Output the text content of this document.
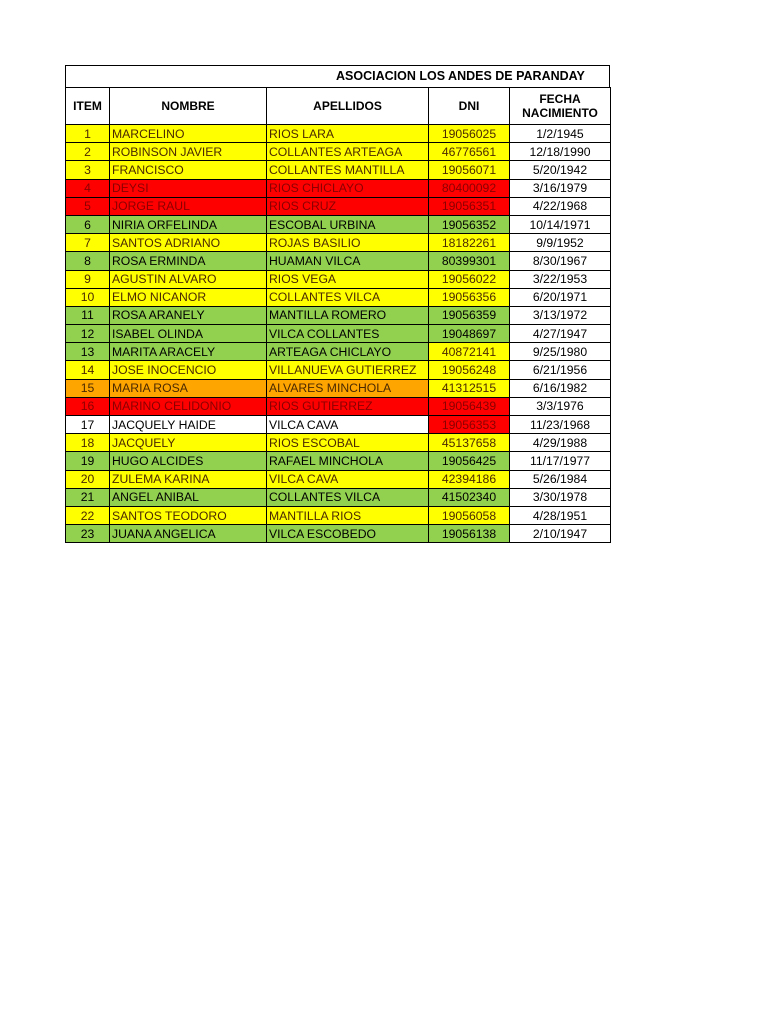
ASOCIACION LOS ANDES DE PARANDAY
ITEM	NOMBRE	APELLIDOS	DNI	FECHA
NACIMIENTO
1	MARCELINO	RIOS LARA	19056025	1/2/1945
2	ROBINSON JAVIER	COLLANTES ARTEAGA	46776561	12/18/1990
3	FRANCISCO	COLLANTES MANTILLA	19056071	5/20/1942
4	DEYSI	RIOS CHICLAYO	80400092	3/16/1979
5	JORGE RAUL	RIOS CRUZ	19056351	4/22/1968
6	NIRIA ORFELINDA	ESCOBAL URBINA	19056352	10/14/1971
7	SANTOS ADRIANO	ROJAS BASILIO	18182261	9/9/1952
8	ROSA ERMINDA	HUAMAN VILCA	80399301	8/30/1967
9	AGUSTIN ALVARO	RIOS VEGA	19056022	3/22/1953
10	ELMO NICANOR	COLLANTES VILCA	19056356	6/20/1971
11	ROSA ARANELY	MANTILLA ROMERO	19056359	3/13/1972
12	ISABEL OLINDA	VILCA COLLANTES	19048697	4/27/1947
13	MARITA ARACELY	ARTEAGA CHICLAYO	40872141	9/25/1980
14	JOSE INOCENCIO	VILLANUEVA GUTIERREZ	19056248	6/21/1956
15	MARIA ROSA	ALVARES MINCHOLA	41312515	6/16/1982
16	MARINO CELIDONIO	RIOS GUTIERREZ	19056439	3/3/1976
17	JACQUELY HAIDE	VILCA CAVA	19056353	11/23/1968
18	JACQUELY	RIOS ESCOBAL	45137658	4/29/1988
19	HUGO ALCIDES	RAFAEL MINCHOLA	19056425	11/17/1977
20	ZULEMA KARINA	VILCA CAVA	42394186	5/26/1984
21	ANGEL ANIBAL	COLLANTES VILCA	41502340	3/30/1978
22	SANTOS TEODORO	MANTILLA RIOS	19056058	4/28/1951
23	JUANA ANGELICA	VILCA ESCOBEDO	19056138	2/10/1947
